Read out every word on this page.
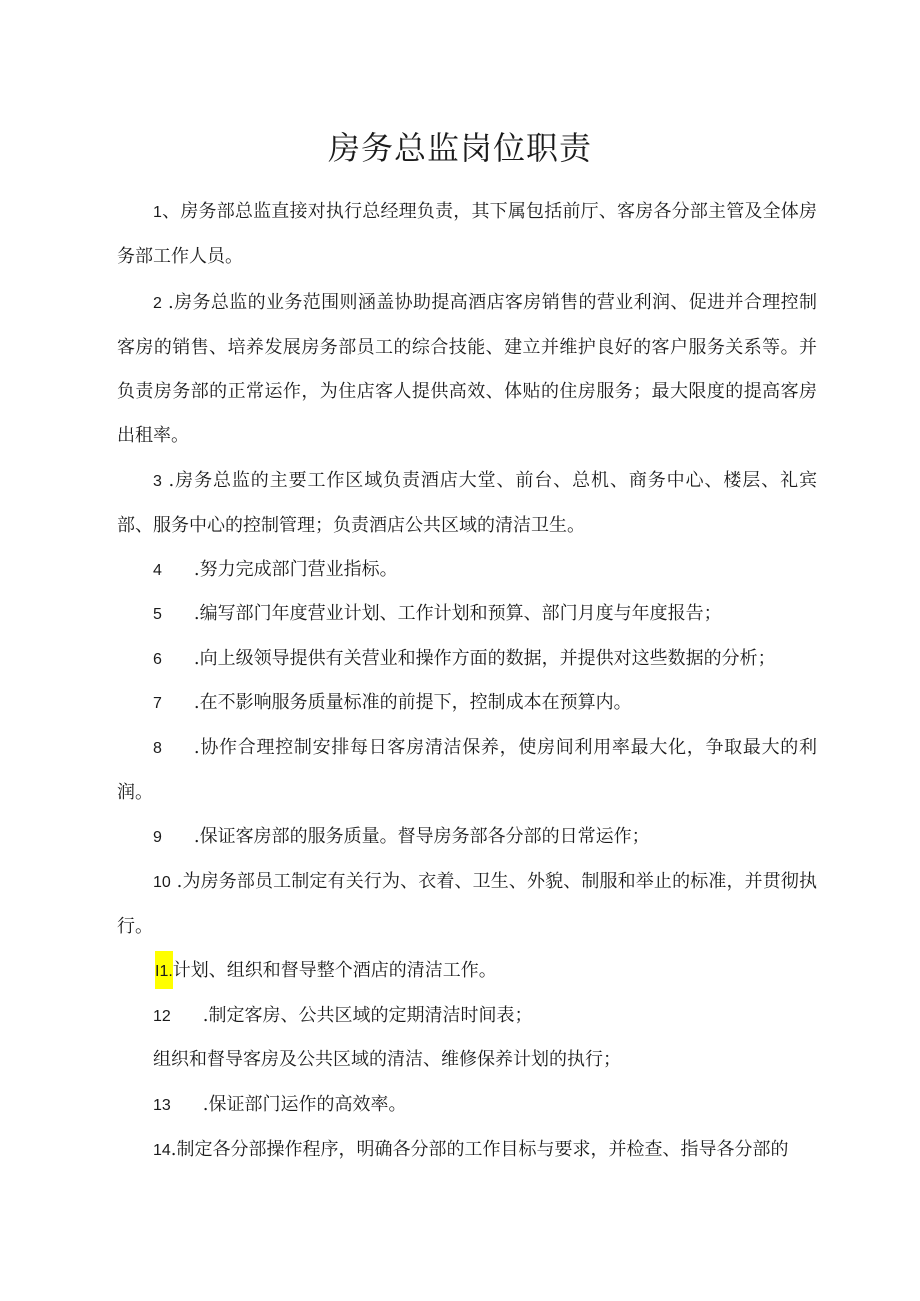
房务总监岗位职责

1、房务部总监直接对执行总经理负责，其下属包括前厅、客房各分部主管及全体房务部工作人员。

2 .房务总监的业务范围则涵盖协助提高酒店客房销售的营业利润、促进并合理控制客房的销售、培养发展房务部员工的综合技能、建立并维护良好的客户服务关系等。并负责房务部的正常运作，为住店客人提供高效、体贴的住房服务；最大限度的提高客房出租率。

3 .房务总监的主要工作区域负责酒店大堂、前台、总机、商务中心、楼层、礼宾部、服务中心的控制管理；负责酒店公共区域的清洁卫生。

4 .努力完成部门营业指标。

5 .编写部门年度营业计划、工作计划和预算、部门月度与年度报告；

6 .向上级领导提供有关营业和操作方面的数据，并提供对这些数据的分析；

7 .在不影响服务质量标准的前提下，控制成本在预算内。

8 .协作合理控制安排每日客房清洁保养，使房间利用率最大化，争取最大的利润。

9 .保证客房部的服务质量。督导房务部各分部的日常运作；

10 .为房务部员工制定有关行为、衣着、卫生、外貌、制服和举止的标准，并贯彻执行。

I1.计划、组织和督导整个酒店的清洁工作。

12 .制定客房、公共区域的定期清洁时间表；

组织和督导客房及公共区域的清洁、维修保养计划的执行；

13 .保证部门运作的高效率。

14.制定各分部操作程序，明确各分部的工作目标与要求，并检查、指导各分部的
